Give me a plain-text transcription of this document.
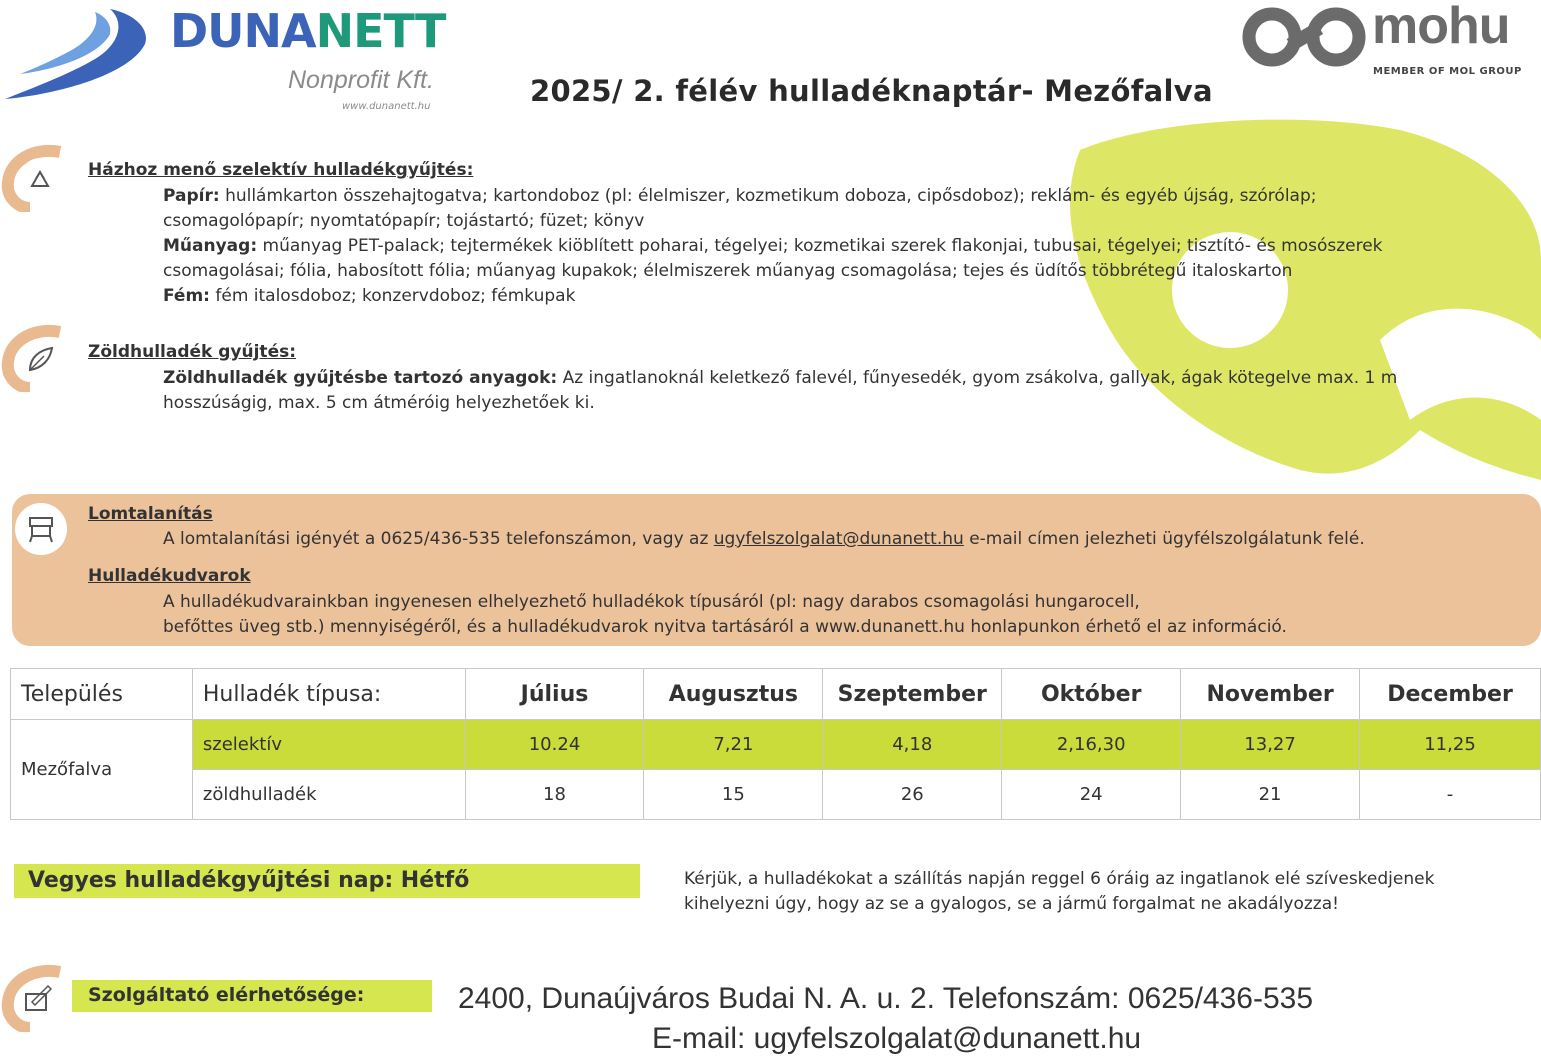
DUNANETT
Nonprofit Kft.
www.dunanett.hu	2025/ 2. félév hulladéknaptár- Mezőfalva
mohu
MEMBER OF MOL GROUP
Házhoz menő szelektív hulladékgyűjtés:
Papír: hullámkarton összehajtogatva; kartondoboz (pl: élelmiszer, kozmetikum doboza, cipősdoboz); reklám- és egyéb újság, szórólap;
csomagolópapír; nyomtatópapír; tojástartó; füzet; könyv
Műanyag: műanyag PET-palack; tejtermékek kiöblített poharai, tégelyei; kozmetikai szerek flakonjai, tubusai, tégelyei; tisztító- és mosószerek
csomagolásai; fólia, habosított fólia; műanyag kupakok; élelmiszerek műanyag csomagolása; tejes és üdítős többrétegű italoskarton
Fém: fém italosdoboz; konzervdoboz; fémkupak
Zöldhulladék gyűjtés:
Zöldhulladék gyűjtésbe tartozó anyagok: Az ingatlanoknál keletkező falevél, fűnyesedék, gyom zsákolva, gallyak, ágak kötegelve max. 1 m
hosszúságig, max. 5 cm átméróig helyezhetőek ki.
Lomtalanítás
A lomtalanítási igényét a 0625/436-535 telefonszámon, vagy az ugyfelszolgalat@dunanett.hu e-mail címen jelezheti ügyfélszolgálatunk felé.
Hulladékudvarok
A hulladékudvarainkban ingyenesen elhelyezhető hulladékok típusáról (pl: nagy darabos csomagolási hungarocell,
befőttes üveg stb.) mennyiségéről, és a hulladékudvarok nyitva tartásáról a www.dunanett.hu honlapunkon érhető el az információ.
Település	Hulladék típusa:	Július	Augusztus	Szeptember	Október	November	December
Mezőfalva	szelektív	10.24	7,21	4,18	2,16,30	13,27	11,25
	zöldhulladék	18	15	26	24	21	-
Vegyes hulladékgyűjtési nap: Hétfő	Kérjük, a hulladékokat a szállítás napján reggel 6 óráig az ingatlanok elé szíveskedjenek
kihelyezni úgy, hogy az se a gyalogos, se a jármű forgalmat ne akadályozza!
Szolgáltató elérhetősége:	2400, Dunaújváros Budai N. A. u. 2. Telefonszám: 0625/436-535
E-mail: ugyfelszolgalat@dunanett.hu
